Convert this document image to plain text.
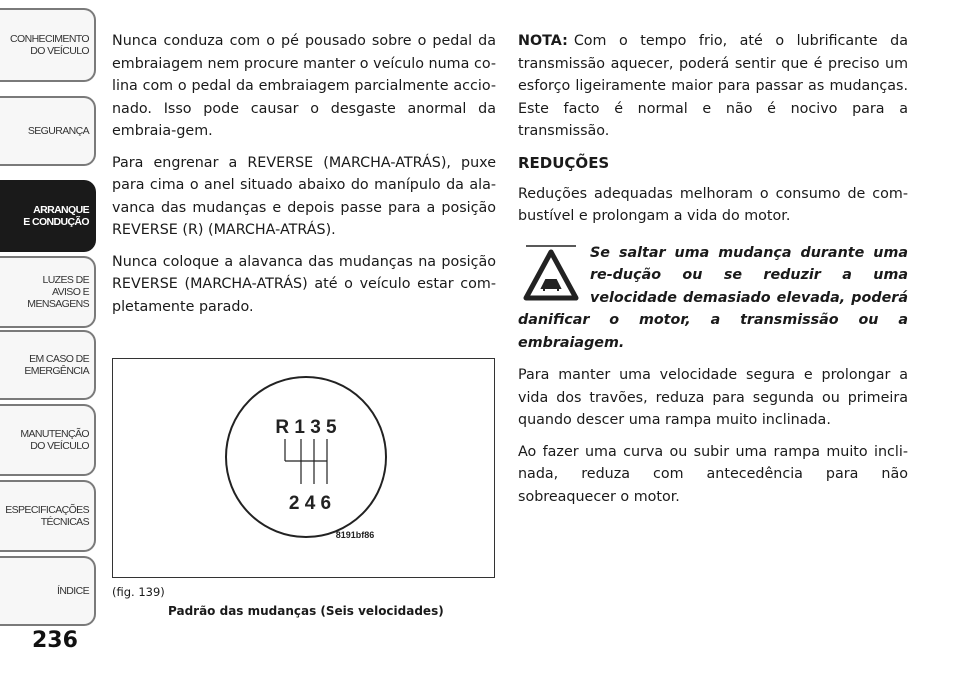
CONHECIMENTO
DO VEÍCULO
SEGURANÇA
ARRANQUE
E CONDUÇÃO
LUZES DE
AVISO E
MENSAGENS
EM CASO DE
EMERGÊNCIA
MANUTENÇÃO
DO VEÍCULO
ESPECIFICAÇÕES
TÉCNICAS
ÍNDICE
236

Nunca conduza com o pé pousado sobre o pedal da embraiagem nem procure manter o veículo numa co-lina com o pedal da embraiagem parcialmente accio-nado. Isso pode causar o desgaste anormal da embraia-gem.

Para engrenar a REVERSE (MARCHA-ATRÁS), puxe para cima o anel situado abaixo do manípulo da ala-vanca das mudanças e depois passe para a posição REVERSE (R) (MARCHA-ATRÁS).

Nunca coloque a alavanca das mudanças na posição REVERSE (MARCHA-ATRÁS) até o veículo estar com-pletamente parado.

R 1 3 5
2 4 6
8191bf86
(fig. 139)
Padrão das mudanças (Seis velocidades)

NOTA: Com o tempo frio, até o lubrificante da transmissão aquecer, poderá sentir que é preciso um esforço ligeiramente maior para passar as mudanças. Este facto é normal e não é nocivo para a transmissão.

REDUÇÕES

Reduções adequadas melhoram o consumo de com-bustível e prolongam a vida do motor.

Se saltar uma mudança durante uma re-dução ou se reduzir a uma velocidade demasiado elevada, poderá danificar o motor, a transmissão ou a embraiagem.

Para manter uma velocidade segura e prolongar a vida dos travões, reduza para segunda ou primeira quando descer uma rampa muito inclinada.

Ao fazer uma curva ou subir uma rampa muito incli-nada, reduza com antecedência para não sobreaquecer o motor.
